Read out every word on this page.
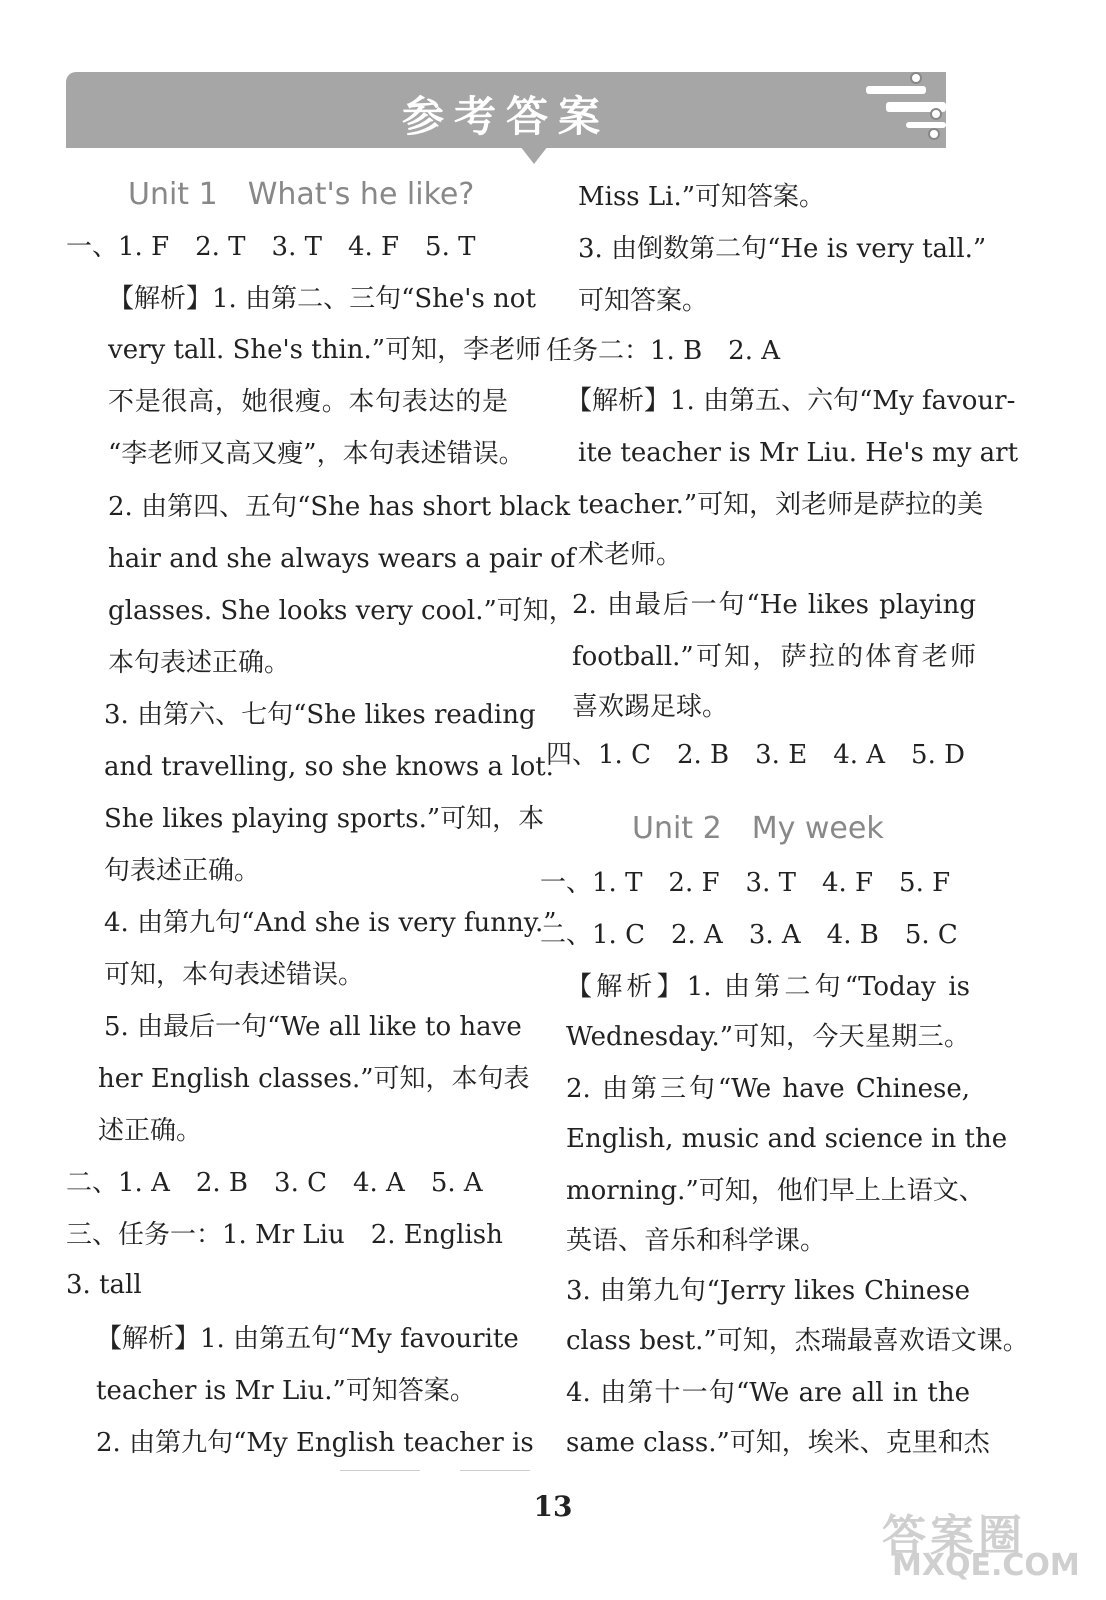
参考答案
Unit 1　What's he like?
一、1. F　2. T　3. T　4. F　5. T
【解析】1. 由第二、三句“She's not
very tall. She's thin.”可知，李老师
不是很高，她很瘦。本句表达的是
“李老师又高又瘦”，本句表述错误。
2. 由第四、五句“She has short black
hair and she always wears a pair of
glasses. She looks very cool.”可知，
本句表述正确。
3. 由第六、七句“She likes reading
and travelling, so she knows a lot.
She likes playing sports.”可知，本
句表述正确。
4. 由第九句“And she is very funny.”
可知，本句表述错误。
5. 由最后一句“We all like to have
her English classes.”可知，本句表
述正确。
二、1. A　2. B　3. C　4. A　5. A
三、任务一：1. Mr Liu　2. English
3. tall
【解析】1. 由第五句“My favourite
teacher is Mr Liu.”可知答案。
2. 由第九句“My English teacher is
Miss Li.”可知答案。
3. 由倒数第二句“He is very tall.”
可知答案。
任务二：1. B　2. A
【解析】1. 由第五、六句“My favour-
ite teacher is Mr Liu. He's my art
teacher.”可知，刘老师是萨拉的美
术老师。
2. 由最后一句“He likes playing
football.”可知，萨拉的体育老师
喜欢踢足球。
四、1. C　2. B　3. E　4. A　5. D
Unit 2　My week
一、1. T　2. F　3. T　4. F　5. F
二、1. C　2. A　3. A　4. B　5. C
【解析】1. 由第二句“Today is
Wednesday.”可知，今天星期三。
2. 由第三句“We have Chinese,
English, music and science in the
morning.”可知，他们早上上语文、
英语、音乐和科学课。
3. 由第九句“Jerry likes Chinese
class best.”可知，杰瑞最喜欢语文课。
4. 由第十一句“We are all in the
same class.”可知，埃米、克里和杰
13
答案圈
MXQE.COM
